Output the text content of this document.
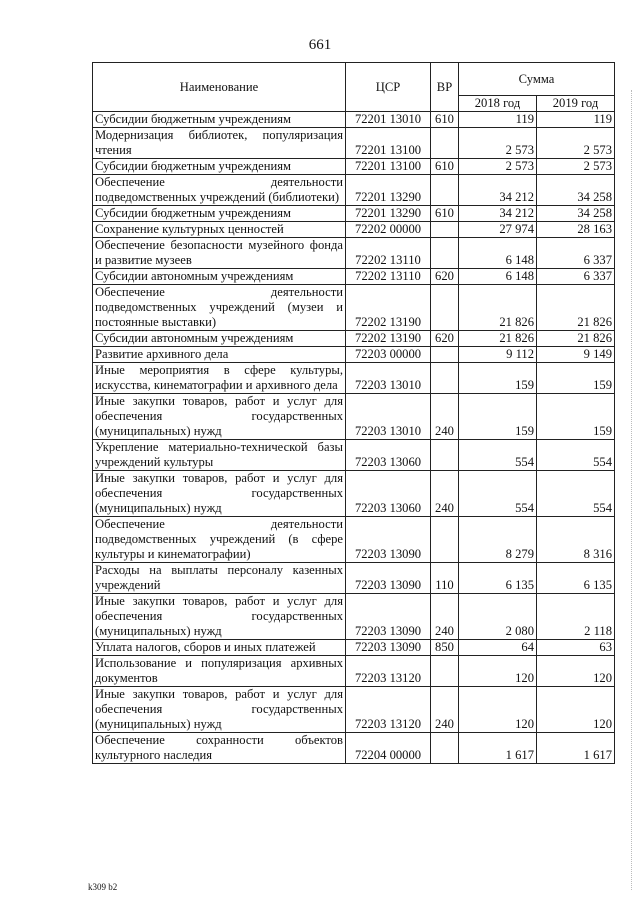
661
Наименование	ЦСР	ВР	Сумма	
			2018 год	2019 год
Субсидии бюджетным учреждениям	72201 13010	610	119	119
Модернизация библиотек, популяризация чтения	72201 13100		2 573	2 573
Субсидии бюджетным учреждениям	72201 13100	610	2 573	2 573
Обеспечение деятельности подведомственных учреждений (библиотеки)	72201 13290		34 212	34 258
Субсидии бюджетным учреждениям	72201 13290	610	34 212	34 258
Сохранение культурных ценностей	72202 00000		27 974	28 163
Обеспечение безопасности музейного фонда и развитие музеев	72202 13110		6 148	6 337
Субсидии автономным учреждениям	72202 13110	620	6 148	6 337
Обеспечение деятельности подведомственных учреждений (музеи и постоянные выставки)	72202 13190		21 826	21 826
Субсидии автономным учреждениям	72202 13190	620	21 826	21 826
Развитие архивного дела	72203 00000		9 112	9 149
Иные мероприятия в сфере культуры, искусства, кинематографии и архивного дела	72203 13010		159	159
Иные закупки товаров, работ и услуг для обеспечения государственных (муниципальных) нужд	72203 13010	240	159	159
Укрепление материально-технической базы учреждений культуры	72203 13060		554	554
Иные закупки товаров, работ и услуг для обеспечения государственных (муниципальных) нужд	72203 13060	240	554	554
Обеспечение деятельности подведомственных учреждений (в сфере культуры и кинематографии)	72203 13090		8 279	8 316
Расходы на выплаты персоналу казенных учреждений	72203 13090	110	6 135	6 135
Иные закупки товаров, работ и услуг для обеспечения государственных (муниципальных) нужд	72203 13090	240	2 080	2 118
Уплата налогов, сборов и иных платежей	72203 13090	850	64	63
Использование и популяризация архивных документов	72203 13120		120	120
Иные закупки товаров, работ и услуг для обеспечения государственных (муниципальных) нужд	72203 13120	240	120	120
Обеспечение сохранности объектов культурного наследия	72204 00000		1 617	1 617
k309 b2
